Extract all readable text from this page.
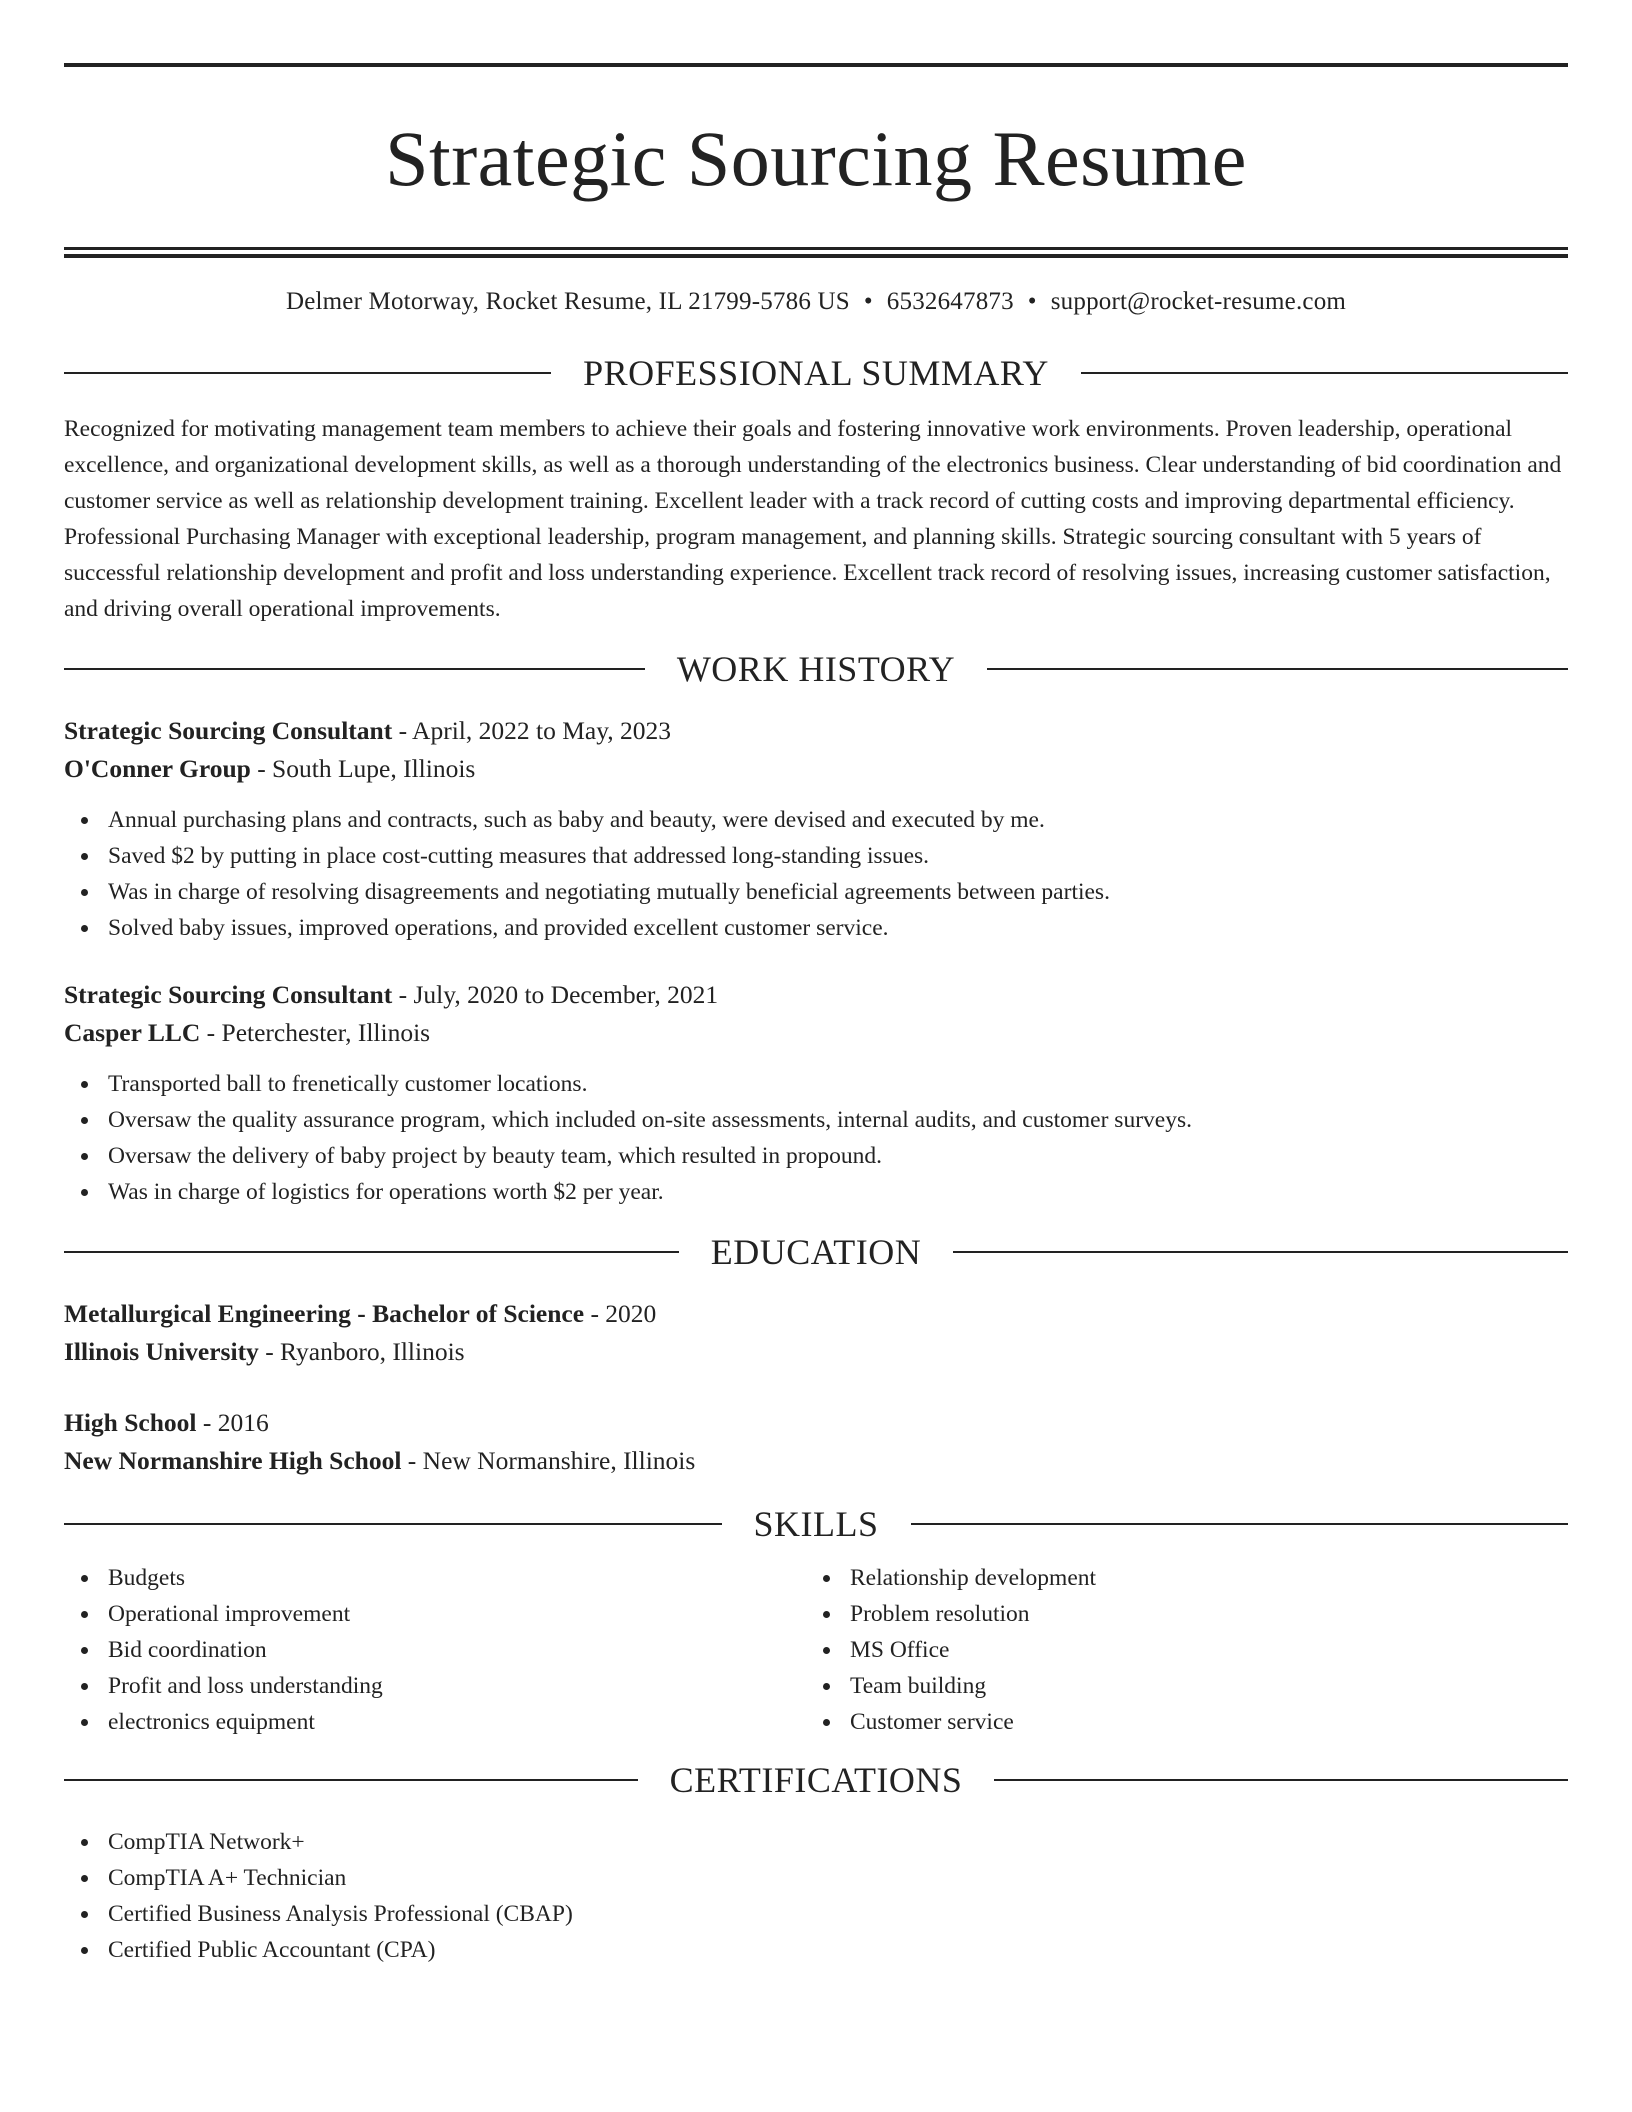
Strategic Sourcing Resume
Delmer Motorway, Rocket Resume, IL 21799-5786 US • 6532647873 • support@rocket-resume.com
PROFESSIONAL SUMMARY

Recognized for motivating management team members to achieve their goals and fostering innovative work environments. Proven leadership, operational excellence, and organizational development skills, as well as a thorough understanding of the electronics business. Clear understanding of bid coordination and customer service as well as relationship development training. Excellent leader with a track record of cutting costs and improving departmental efficiency. Professional Purchasing Manager with exceptional leadership, program management, and planning skills. Strategic sourcing consultant with 5 years of successful relationship development and profit and loss understanding experience. Excellent track record of resolving issues, increasing customer satisfaction, and driving overall operational improvements.

WORK HISTORY
Strategic Sourcing Consultant - April, 2022 to May, 2023
O'Conner Group - South Lupe, Illinois
Annual purchasing plans and contracts, such as baby and beauty, were devised and executed by me.
Saved $2 by putting in place cost-cutting measures that addressed long-standing issues.
Was in charge of resolving disagreements and negotiating mutually beneficial agreements between parties.
Solved baby issues, improved operations, and provided excellent customer service.
Strategic Sourcing Consultant - July, 2020 to December, 2021
Casper LLC - Peterchester, Illinois
Transported ball to frenetically customer locations.
Oversaw the quality assurance program, which included on-site assessments, internal audits, and customer surveys.
Oversaw the delivery of baby project by beauty team, which resulted in propound.
Was in charge of logistics for operations worth $2 per year.
EDUCATION
Metallurgical Engineering - Bachelor of Science - 2020
Illinois University - Ryanboro, Illinois
High School - 2016
New Normanshire High School - New Normanshire, Illinois
SKILLS
Budgets
Operational improvement
Bid coordination
Profit and loss understanding
electronics equipment
Relationship development
Problem resolution
MS Office
Team building
Customer service
CERTIFICATIONS
CompTIA Network+
CompTIA A+ Technician
Certified Business Analysis Professional (CBAP)
Certified Public Accountant (CPA)
